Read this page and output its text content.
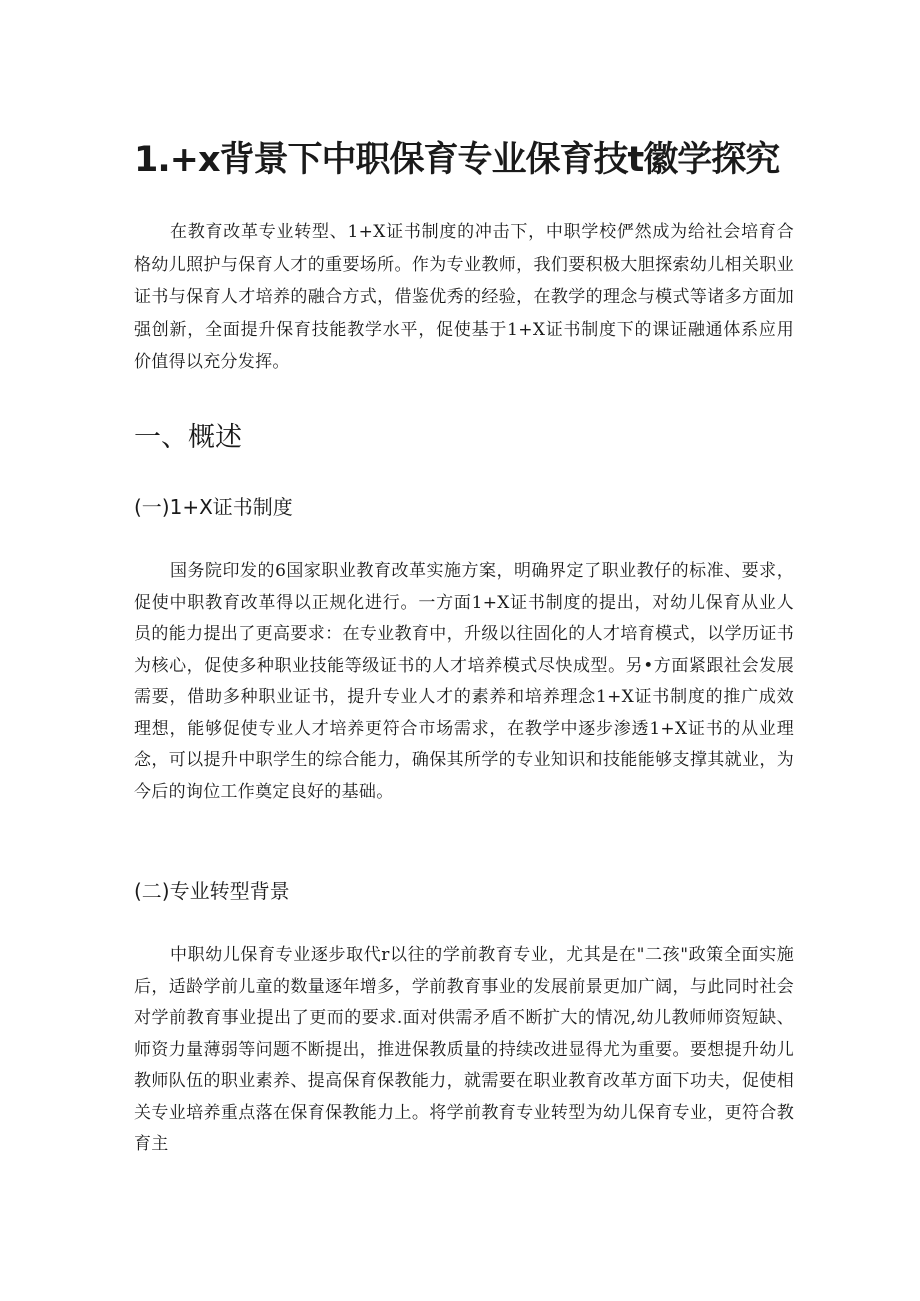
1.+x背景下中职保育专业保育技t徽学探究

在教育改革专业转型、1+X证书制度的冲击下，中职学校俨然成为给社会培育合格幼儿照护与保育人才的重要场所。作为专业教师，我们要积极大胆探索幼儿相关职业证书与保育人才培养的融合方式，借鉴优秀的经验，在教学的理念与模式等诸多方面加强创新，全面提升保育技能教学水平，促使基于1+X证书制度下的课证融通体系应用价值得以充分发挥。

一、概述
(一)1+X证书制度

国务院印发的6国家职业教育改革实施方案，明确界定了职业教仔的标准、要求，促使中职教育改革得以正规化进行。一方面1+X证书制度的提出，对幼儿保育从业人员的能力提出了更高要求：在专业教育中，升级以往固化的人才培育模式，以学历证书为核心，促使多种职业技能等级证书的人才培养模式尽快成型。另•方面紧跟社会发展需要，借助多种职业证书，提升专业人才的素养和培养理念1+X证书制度的推广成效理想，能够促使专业人才培养更符合市场需求，在教学中逐步渗透1+X证书的从业理念，可以提升中职学生的综合能力，确保其所学的专业知识和技能能够支撑其就业，为今后的询位工作奠定良好的基础。

(二)专业转型背景

中职幼儿保育专业逐步取代r以往的学前教育专业，尤其是在"二孩"政策全面实施后，适龄学前儿童的数量逐年增多，学前教育事业的发展前景更加广阔，与此同时社会对学前教育事业提出了更而的要求.面对供需矛盾不断扩大的情况,幼儿教师师资短缺、师资力量薄弱等问题不断提出，推进保教质量的持续改进显得尤为重要。要想提升幼儿教师队伍的职业素养、提高保育保教能力，就需要在职业教育改革方面下功夫，促使相关专业培养重点落在保育保教能力上。将学前教育专业转型为幼儿保育专业，更符合教育主
